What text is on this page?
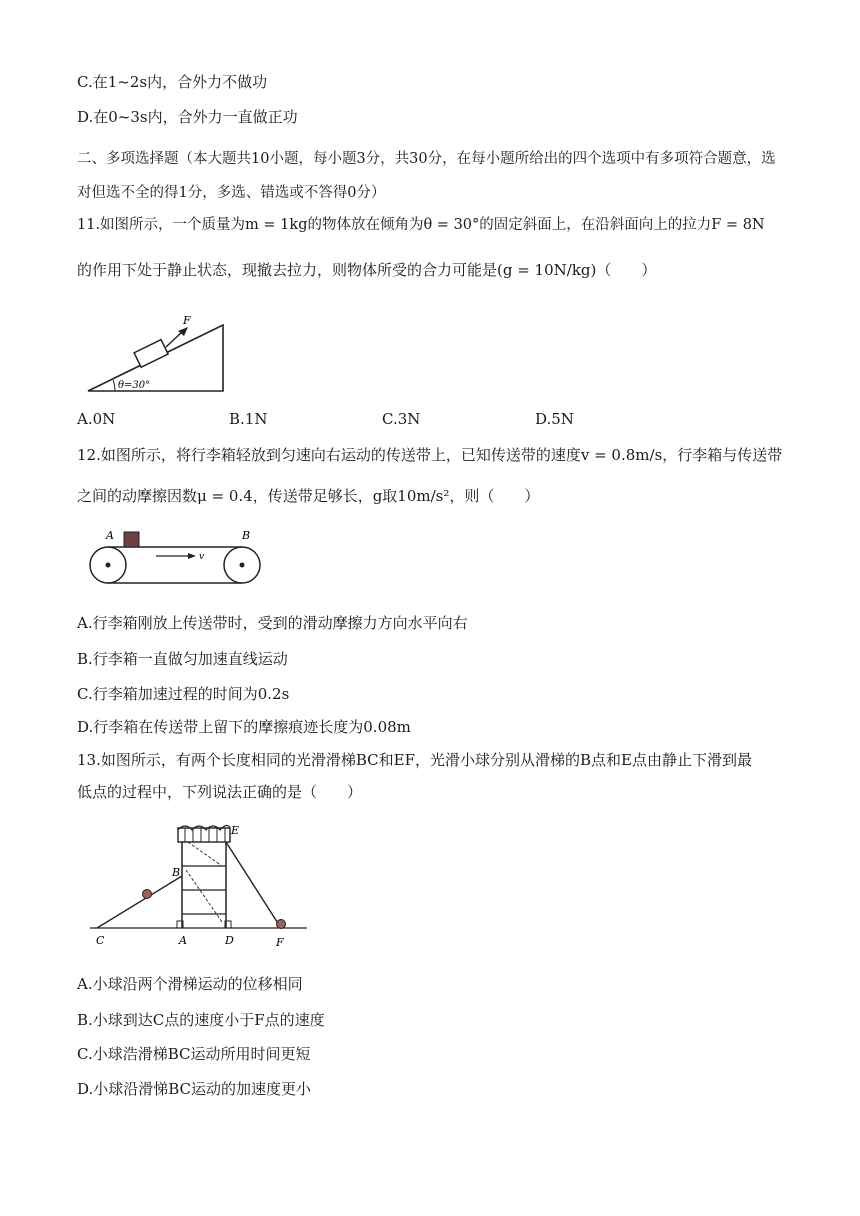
C.在1~2s内，合外力不做功
D.在0~3s内，合外力一直做正功
二、多项选择题（本大题共10小题，每小题3分，共30分，在每小题所给出的四个选项中有多项符合题意，选对但选不全的得1分，多选、错选或不答得0分）
11.如图所示，一个质量为m = 1kg的物体放在倾角为θ = 30°的固定斜面上，在沿斜面向上的拉力F = 8N
的作用下处于静止状态，现撤去拉力，则物体所受的合力可能是(g = 10N/kg)（　　）
F
θ=30°
A.0N	B.1N	C.3N	D.5N
12.如图所示，将行李箱轻放到匀速向右运动的传送带上，已知传送带的速度v = 0.8m/s，行李箱与传送带
之间的动摩擦因数μ = 0.4，传送带足够长，g取10m/s²，则（　　）
A	B
v
A.行李箱刚放上传送带时，受到的滑动摩擦力方向水平向右
B.行李箱一直做匀加速直线运动
C.行李箱加速过程的时间为0.2s
D.行李箱在传送带上留下的摩擦痕迹长度为0.08m
13.如图所示，有两个长度相同的光滑滑梯BC和EF，光滑小球分别从滑梯的B点和E点由静止下滑到最
低点的过程中，下列说法正确的是（　　）
E
B
C	A	D	F
A.小球沿两个滑梯运动的位移相同
B.小球到达C点的速度小于F点的速度
C.小球浩滑梯BC运动所用时间更短
D.小球沿滑悌BC运动的加速度更小
